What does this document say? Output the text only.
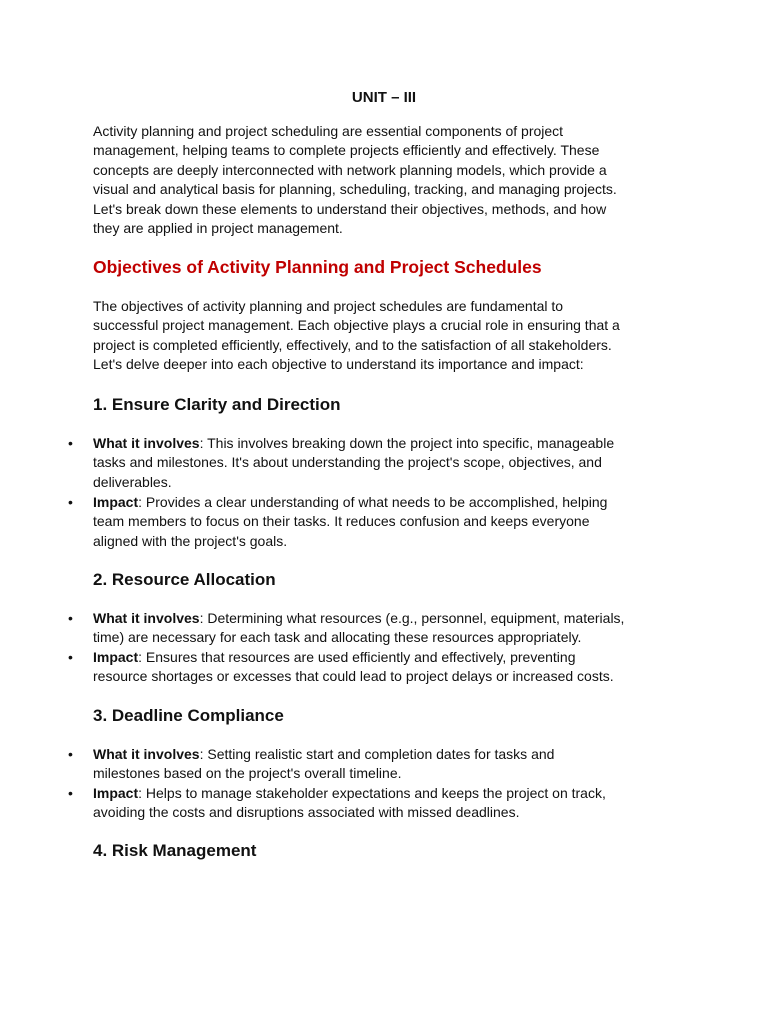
UNIT – III
Activity planning and project scheduling are essential components of project
management, helping teams to complete projects efficiently and effectively. These
concepts are deeply interconnected with network planning models, which provide a
visual and analytical basis for planning, scheduling, tracking, and managing projects.
Let's break down these elements to understand their objectives, methods, and how
they are applied in project management.
Objectives of Activity Planning and Project Schedules
The objectives of activity planning and project schedules are fundamental to
successful project management. Each objective plays a crucial role in ensuring that a
project is completed efficiently, effectively, and to the satisfaction of all stakeholders.
Let's delve deeper into each objective to understand its importance and impact:
1. Ensure Clarity and Direction
• What it involves: This involves breaking down the project into specific, manageable
tasks and milestones. It's about understanding the project's scope, objectives, and
deliverables.
• Impact: Provides a clear understanding of what needs to be accomplished, helping
team members to focus on their tasks. It reduces confusion and keeps everyone
aligned with the project's goals.
2. Resource Allocation
• What it involves: Determining what resources (e.g., personnel, equipment, materials,
time) are necessary for each task and allocating these resources appropriately.
• Impact: Ensures that resources are used efficiently and effectively, preventing
resource shortages or excesses that could lead to project delays or increased costs.
3. Deadline Compliance
• What it involves: Setting realistic start and completion dates for tasks and
milestones based on the project's overall timeline.
• Impact: Helps to manage stakeholder expectations and keeps the project on track,
avoiding the costs and disruptions associated with missed deadlines.
4. Risk Management
